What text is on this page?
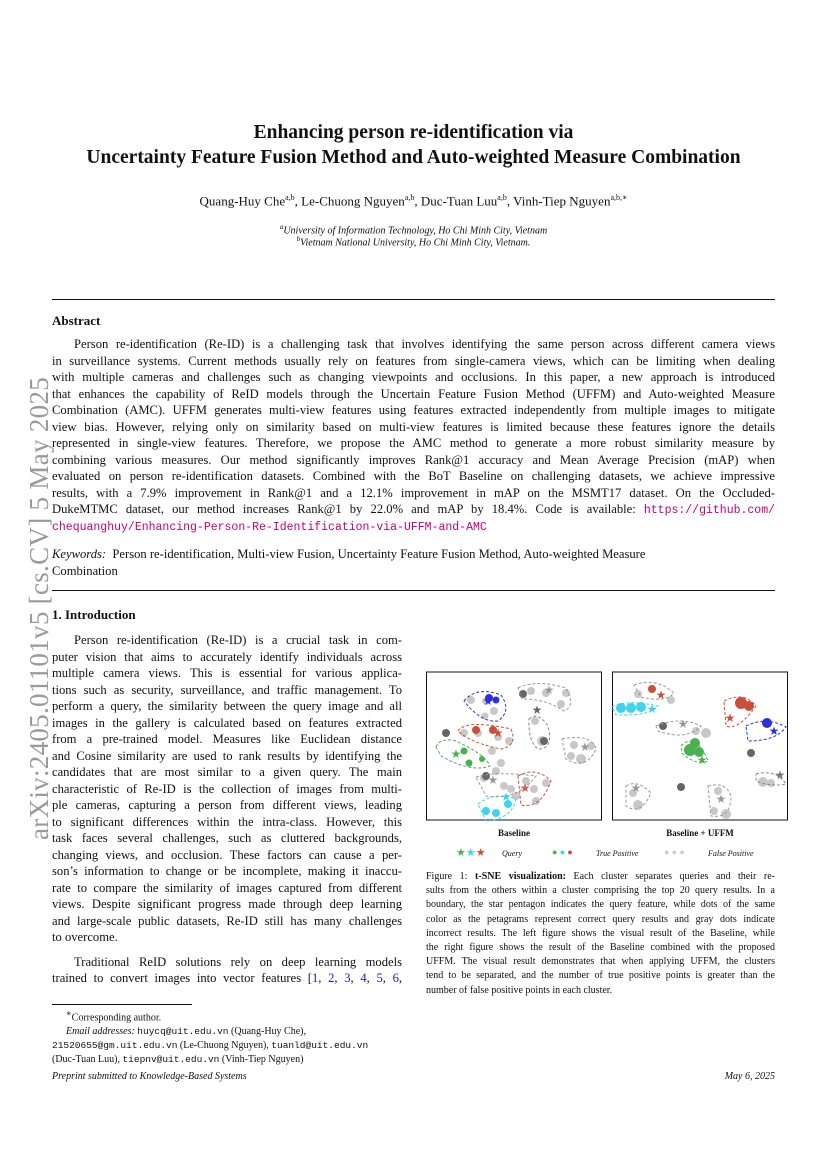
arXiv:2405.01101v5 [cs.CV] 5 May 2025
Enhancing person re-identification via
Uncertainty Feature Fusion Method and Auto-weighted Measure Combination
Quang-Huy Che$^{a,b}$, Le-Chuong Nguyen$^{a,b}$, Duc-Tuan Luu$^{a,b}$, Vinh-Tiep Nguyen$^{a,b,∗}$
$^a$University of Information Technology, Ho Chi Minh City, Vietnam
$^b$Vietnam National University, Ho Chi Minh City, Vietnam.
Abstract
Person re-identification (Re-ID) is a challenging task that involves identifying the same person across different camera views
in surveillance systems. Current methods usually rely on features from single-camera views, which can be limiting when dealing
with multiple cameras and challenges such as changing viewpoints and occlusions. In this paper, a new approach is introduced
that enhances the capability of ReID models through the Uncertain Feature Fusion Method (UFFM) and Auto-weighted Measure
Combination (AMC). UFFM generates multi-view features using features extracted independently from multiple images to mitigate
view bias. However, relying only on similarity based on multi-view features is limited because these features ignore the details
represented in single-view features. Therefore, we propose the AMC method to generate a more robust similarity measure by
combining various measures. Our method significantly improves Rank@1 accuracy and Mean Average Precision (mAP) when
evaluated on person re-identification datasets. Combined with the BoT Baseline on challenging datasets, we achieve impressive
results, with a 7.9% improvement in Rank@1 and a 12.1% improvement in mAP on the MSMT17 dataset. On the Occluded-
DukeMTMC dataset, our method increases Rank@1 by 22.0% and mAP by 18.4%. Code is available: https://github.com/
chequanghuy/Enhancing-Person-Re-Identification-via-UFFM-and-AMC
Keywords: Person re-identification, Multi-view Fusion, Uncertainty Feature Fusion Method, Auto-weighted Measure
Combination
1. Introduction
Person re-identification (Re-ID) is a crucial task in com-
puter vision that aims to accurately identify individuals across
multiple camera views. This is essential for various applica-
tions such as security, surveillance, and traffic management. To
perform a query, the similarity between the query image and all
images in the gallery is calculated based on features extracted
from a pre-trained model. Measures like Euclidean distance
and Cosine similarity are used to rank results by identifying the
candidates that are most similar to a given query. The main
characteristic of Re-ID is the collection of images from multi-
ple cameras, capturing a person from different views, leading
to significant differences within the intra-class. However, this
task faces several challenges, such as cluttered backgrounds,
changing views, and occlusion. These factors can cause a per-
son’s information to change or be incomplete, making it inaccu-
rate to compare the similarity of images captured from different
views. Despite significant progress made through deep learning
and large-scale public datasets, Re-ID still has many challenges
to overcome.
Traditional ReID solutions rely on deep learning models
trained to convert images into vector features [1, 2, 3, 4, 5, 6,
★
★
★
★
★	★
★
★
★
★
★
★	★
★
★
★
★
★
Baseline	Baseline + UFFM
★★★ Query	● ● ●	True Positive	● ● ●	False Positive
Figure 1: t-SNE visualization: Each cluster separates queries and their re-
sults from the others within a cluster comprising the top 20 query results. In a
boundary, the star pentagon indicates the query feature, while dots of the same
color as the petagrams represent correct query results and gray dots indicate
incorrect results. The left figure shows the visual result of the Baseline, while
the right figure shows the result of the Baseline combined with the proposed
UFFM. The visual result demonstrates that when applying UFFM, the clusters
tend to be separated, and the number of true positive points is greater than the
number of false positive points in each cluster.
∗Corresponding author.
Email addresses: huycq@uit.edu.vn (Quang-Huy Che),
21520655@gm.uit.edu.vn (Le-Chuong Nguyen), tuanld@uit.edu.vn
(Duc-Tuan Luu), tiepnv@uit.edu.vn (Vinh-Tiep Nguyen)
Preprint submitted to Knowledge-Based Systems	May 6, 2025
